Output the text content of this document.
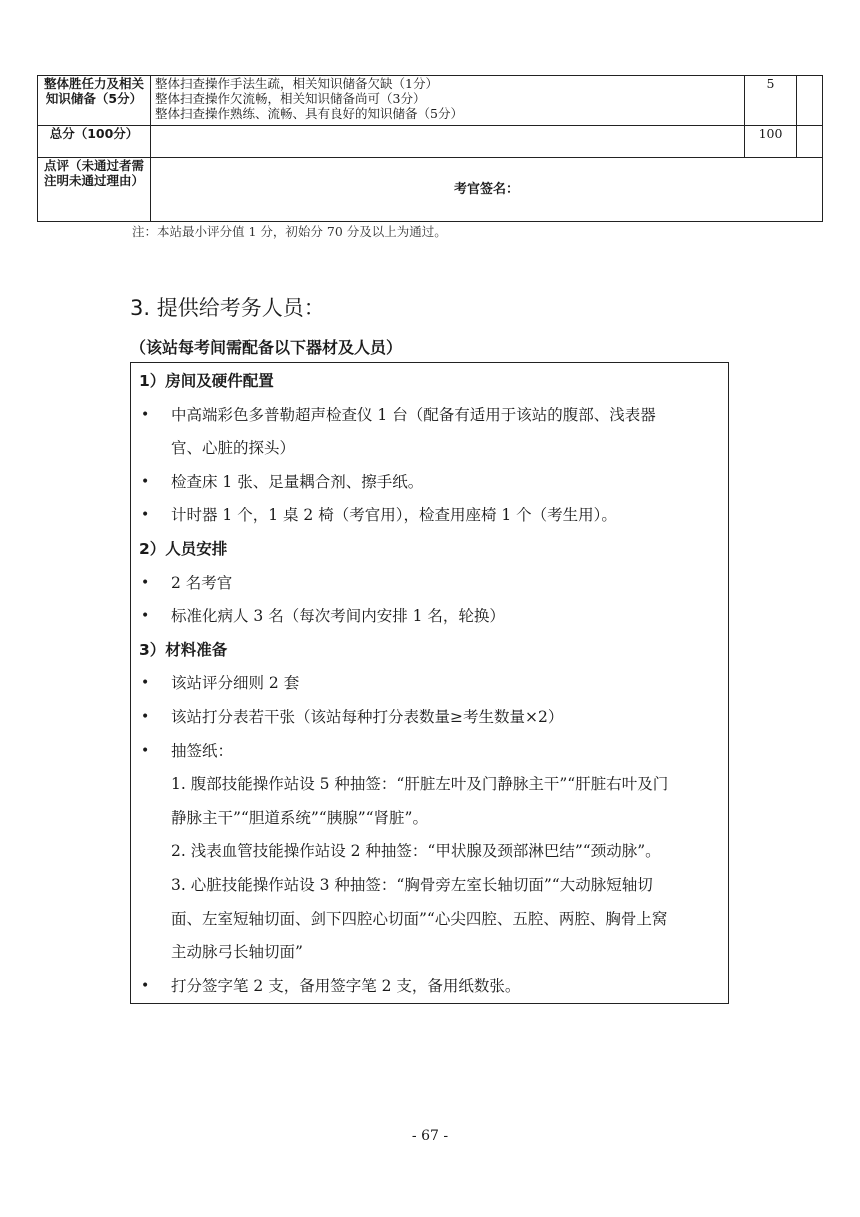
整体胜任力及相关知识储备（5分）	整体扫查操作手法生疏，相关知识储备欠缺（1分）
整体扫查操作欠流畅，相关知识储备尚可（3分）
整体扫查操作熟练、流畅、具有良好的知识储备（5分）	5	
总分（100分）		100	
点评（未通过者需注明未通过理由）	考官签名：		
注：本站最小评分值 1 分，初始分 70 分及以上为通过。
3. 提供给考务人员：
（该站每考间需配备以下器材及人员）
1）房间及硬件配置
• 中高端彩色多普勒超声检查仪 1 台（配备有适用于该站的腹部、浅表器
官、心脏的探头）
• 检查床 1 张、足量耦合剂、擦手纸。
• 计时器 1 个，1 桌 2 椅（考官用），检查用座椅 1 个（考生用）。
2）人员安排
• 2 名考官
• 标准化病人 3 名（每次考间内安排 1 名，轮换）
3）材料准备
• 该站评分细则 2 套
• 该站打分表若干张（该站每种打分表数量≥考生数量×2）
• 抽签纸：
1. 腹部技能操作站设 5 种抽签：“肝脏左叶及门静脉主干”“肝脏右叶及门
静脉主干”“胆道系统”“胰腺”“肾脏”。
2. 浅表血管技能操作站设 2 种抽签：“甲状腺及颈部淋巴结”“颈动脉”。
3. 心脏技能操作站设 3 种抽签：“胸骨旁左室长轴切面”“大动脉短轴切
面、左室短轴切面、剑下四腔心切面”“心尖四腔、五腔、两腔、胸骨上窝
主动脉弓长轴切面”
• 打分签字笔 2 支，备用签字笔 2 支，备用纸数张。
- 67 -
